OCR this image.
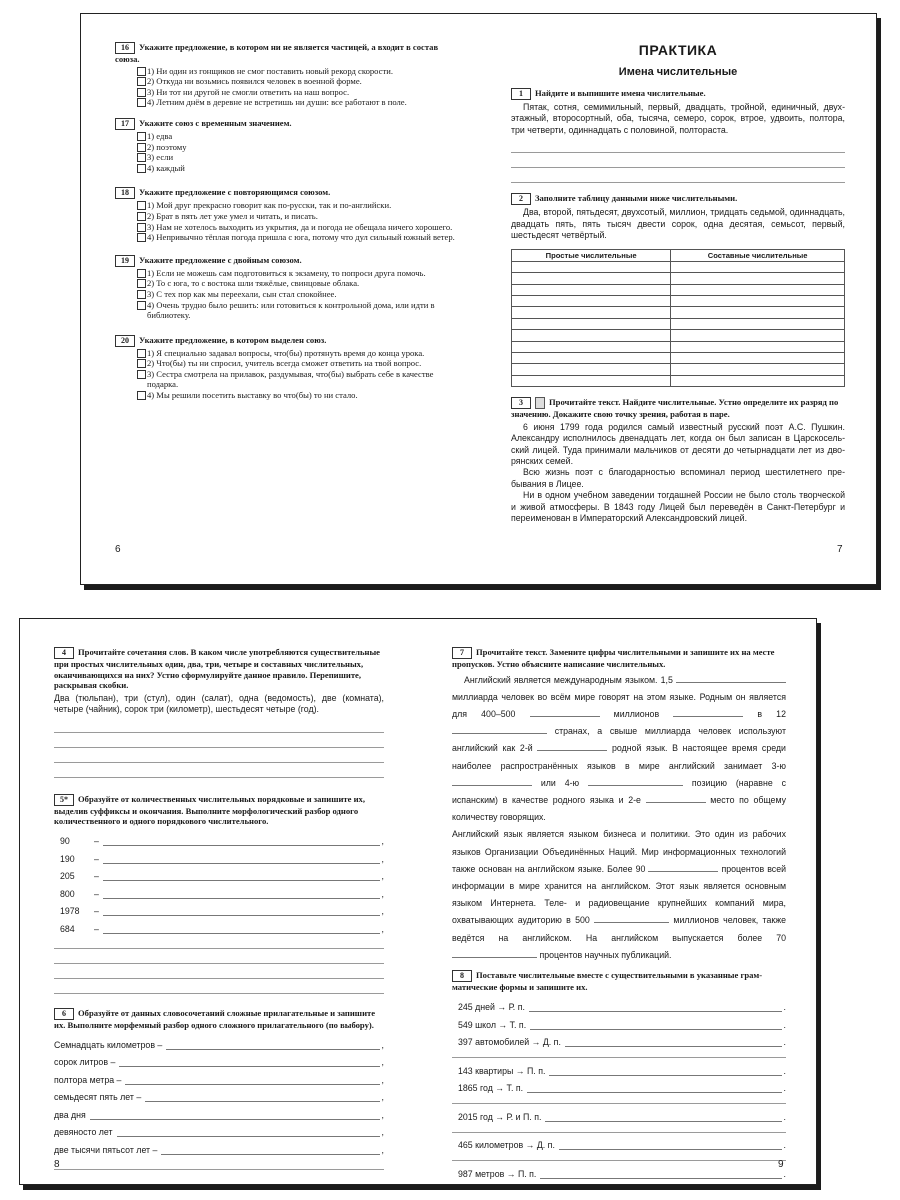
16 Укажите предложение, в котором ни не является частицей, а входит в состав союза.
1) Ни один из гонщиков не смог поставить новый рекорд скорости.
2) Откуда ни возьмись появился человек в военной форме.
3) Ни тот ни другой не смогли ответить на наш вопрос.
4) Летним днём в деревне не встретишь ни души: все работают в поле.
17 Укажите союз с временным значением.
1) едва
2) поэтому
3) если
4) каждый
18 Укажите предложение с повторяющимся союзом.
1) Мой друг прекрасно говорит как по-русски, так и по-английски.
2) Брат в пять лет уже умел и читать, и писать.
3) Нам не хотелось выходить из укрытия, да и погода не обещала ничего хорошего.
4) Непривычно тёплая погода пришла с юга, потому что дул сильный южный ветер.
19 Укажите предложение с двойным союзом.
1) Если не можешь сам подготовиться к экзамену, то попроси друга помочь.
2) То с юга, то с востока шли тяжёлые, свинцовые облака.
3) С тех пор как мы переехали, сын стал спокойнее.
4) Очень трудно было решить: или готовиться к контрольной дома, или идти в библиотеку.
20 Укажите предложение, в котором выделен союз.
1) Я специально задавал вопросы, что(бы) протянуть время до конца урока.
2) Что(бы) ты ни спросил, учитель всегда сможет ответить на твой вопрос.
3) Сестра смотрела на прилавок, раздумывая, что(бы) выбрать себе в качестве подарка.
4) Мы решили посетить выставку во что(бы) то ни стало.
6
ПРАКТИКА
Имена числительные
1 Найдите и выпишите имена числительные.
Пятак, сотня, семимильный, первый, двадцать, тройной, единичный, двухэтажный, второсортный, оба, тысяча, семеро, сорок, втрое, удвоить, полтора, три четверти, одиннадцать с половиной, полтораста.
2 Заполните таблицу данными ниже числительными.
Два, второй, пятьдесят, двухсотый, миллион, тридцать седьмой, одиннадцать, двадцать пять, пять тысяч двести сорок, одна десятая, семьсот, первый, шестьдесят четвёртый.
Простые числительные	Составные числительные

3	Прочитайте текст. Найдите числительные. Устно определите их разряд по значению. Докажите свою точку зрения, работая в паре.
6 июня 1799 года родился самый известный русский поэт А.С. Пушкин. Александру исполнилось двенадцать лет, когда он был записан в Царскосельский лицей. Туда принимали мальчиков от десяти до четырнадцати лет из дворянских семей.
Всю жизнь поэт с благодарностью вспоминал период шестилетнего пребывания в Лицее.
Ни в одном учебном заведении тогдашней России не было столь творческой и живой атмосферы. В 1843 году Лицей был переведён в Санкт-Петербург и переименован в Императорский Александровский лицей.
7
4 Прочитайте сочетания слов. В каком числе употребляются существительные при простых числительных один, два, три, четыре и составных числительных, оканчивающихся на них? Устно сформулируйте данное правило. Перепишите, раскрывая скобки.
Два (тюльпан), три (стул), один (салат), одна (ведомость), две (комната), четыре (чайник), сорок три (километр), шестьдесят четыре (год).
5* Образуйте от количественных числительных порядковые и запишите их, выделив суффиксы и окончания. Выполните морфологический разбор одного количественного и одного порядкового числительного.
90	–	,
190	–	,
205	–	,
800	–	,
1978	–	,
684	–	,
6 Образуйте от данных словосочетаний сложные прилагательные и запишите их. Выполните морфемный разбор одного сложного прилагательного (по выбору).
Семнадцать километров –	,
сорок литров –	,
полтора метра –	,
семьдесят пять лет –	,
два дня	,
девяносто лет	,
две тысячи пятьсот лет –	,
8
7 Прочитайте текст. Замените цифры числительными и запишите их на месте пропусков. Устно объясните написание числительных.
Английский является международным языком. 1,5  миллиарда человек во всём мире говорят на этом языке. Родным он является для 400–500	миллионов	в 12  странах, а свыше миллиарда человек используют английский как 2-й	родной язык. В настоящее время среди наиболее распространённых языков в мире английский занимает 3-ю  или 4-ю	позицию (наравне с испанским) в качестве родного языка и 2-е	место по общему количеству говорящих.
Английский язык является языком бизнеса и политики. Это один из рабочих языков Организации Объединённых Наций. Мир информационных технологий также основан на английском языке. Более 90	процентов всей информации в мире хранится на английском. Этот язык является основным языком Интернета. Теле- и радиовещание крупнейших компаний мира, охватывающих аудиторию в 500	миллионов человек, также ведётся на английском. На английском выпускается более 70  процентов научных публикаций.
8 Поставьте числительные вместе с существительными в указанные грамматические формы и запишите их.
245 дней → Р. п.	.
549 школ → Т. п.	.
397 автомобилей → Д. п.	.
143 квартиры → П. п.	.
1865 год → Т. п.	.
2015 год → Р. и П. п.	.
465 километров → Д. п.	.
987 метров → П. п.	.
9
